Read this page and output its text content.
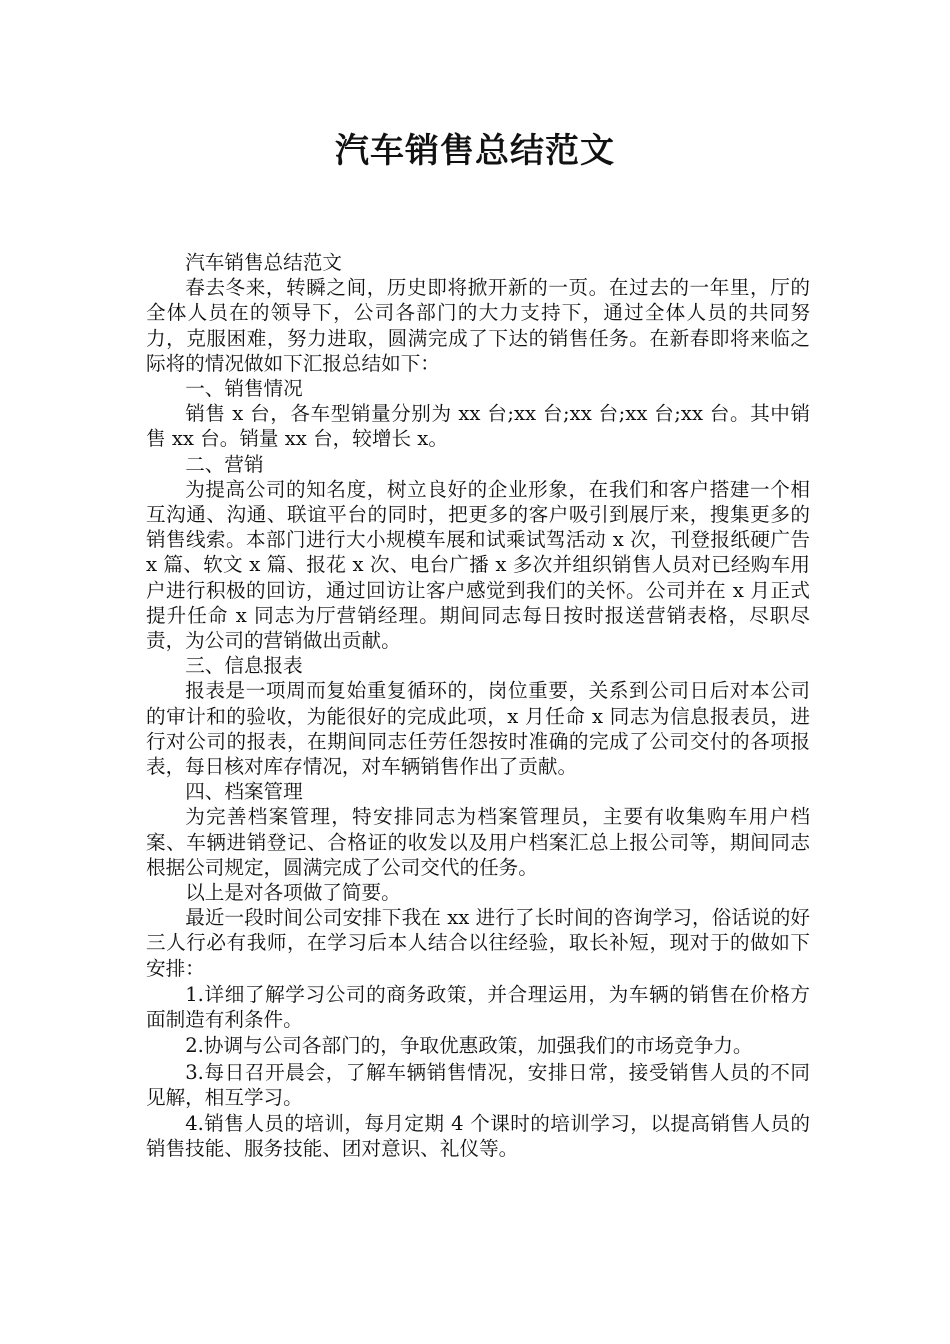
汽车销售总结范文

汽车销售总结范文

春去冬来，转瞬之间，历史即将掀开新的一页。在过去的一年里，厅的全体人员在的领导下，公司各部门的大力支持下，通过全体人员的共同努力，克服困难，努力进取，圆满完成了下达的销售任务。在新春即将来临之际将的情况做如下汇报总结如下：

一、销售情况

销售 x 台，各车型销量分别为 xx 台;xx 台;xx 台;xx 台;xx 台。其中销售 xx 台。销量 xx 台，较增长 x。

二、营销

为提高公司的知名度，树立良好的企业形象，在我们和客户搭建一个相互沟通、沟通、联谊平台的同时，把更多的客户吸引到展厅来，搜集更多的销售线索。本部门进行大小规模车展和试乘试驾活动 x 次，刊登报纸硬广告 x 篇、软文 x 篇、报花 x 次、电台广播 x 多次并组织销售人员对已经购车用户进行积极的回访，通过回访让客户感觉到我们的关怀。公司并在 x 月正式提升任命 x 同志为厅营销经理。期间同志每日按时报送营销表格，尽职尽责，为公司的营销做出贡献。

三、信息报表

报表是一项周而复始重复循环的，岗位重要，关系到公司日后对本公司的审计和的验收，为能很好的完成此项，x 月任命 x 同志为信息报表员，进行对公司的报表，在期间同志任劳任怨按时准确的完成了公司交付的各项报表，每日核对库存情况，对车辆销售作出了贡献。

四、档案管理

为完善档案管理，特安排同志为档案管理员，主要有收集购车用户档案、车辆进销登记、合格证的收发以及用户档案汇总上报公司等，期间同志根据公司规定，圆满完成了公司交代的任务。

以上是对各项做了简要。

最近一段时间公司安排下我在 xx 进行了长时间的咨询学习，俗话说的好三人行必有我师，在学习后本人结合以往经验，取长补短，现对于的做如下安排：

1.详细了解学习公司的商务政策，并合理运用，为车辆的销售在价格方面制造有利条件。

2.协调与公司各部门的，争取优惠政策，加强我们的市场竞争力。

3.每日召开晨会，了解车辆销售情况，安排日常，接受销售人员的不同见解，相互学习。

4.销售人员的培训，每月定期 4 个课时的培训学习，以提高销售人员的销售技能、服务技能、团对意识、礼仪等。
